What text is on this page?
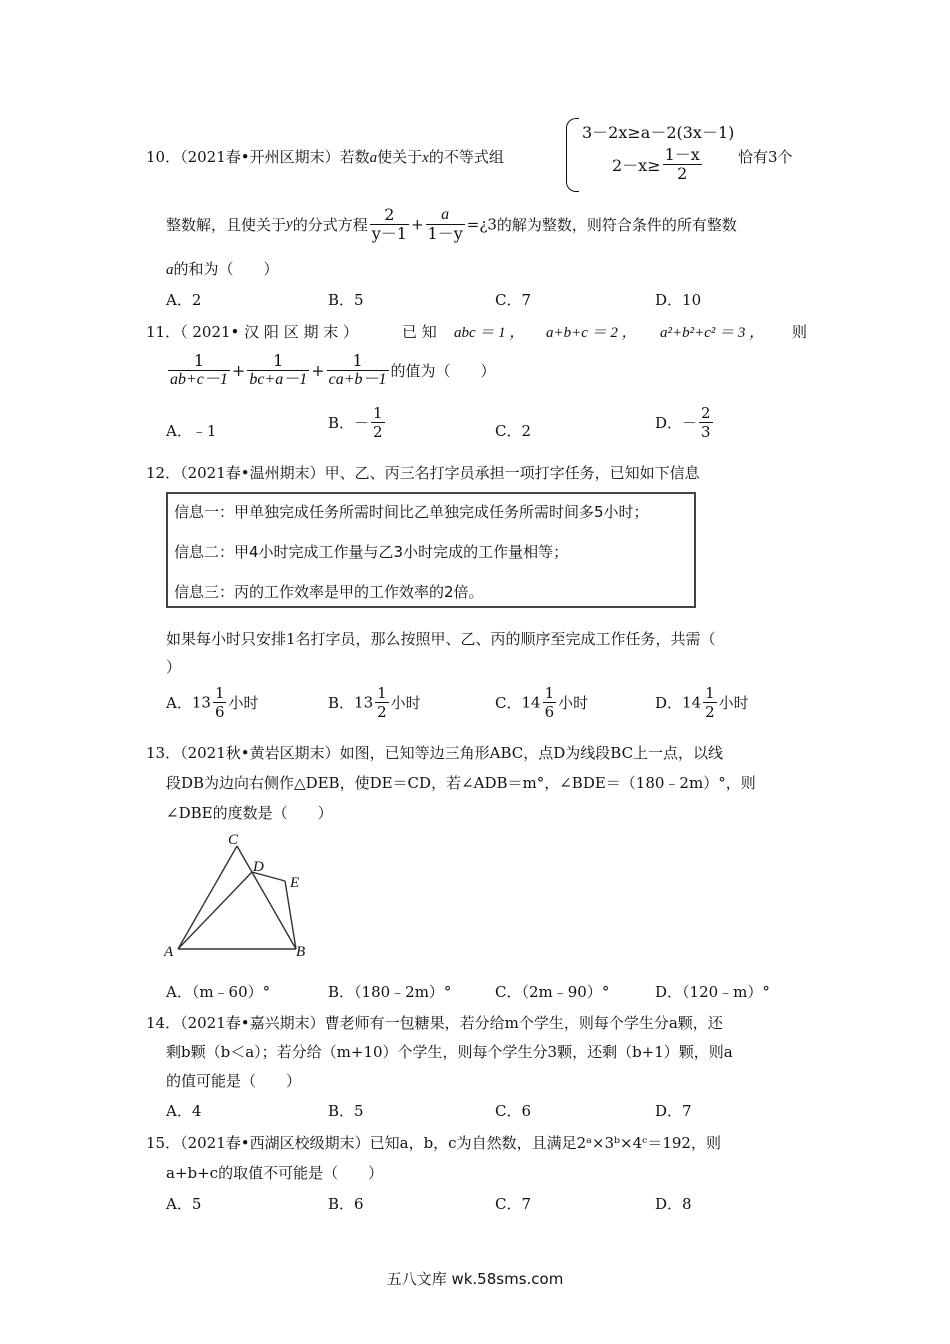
10．（2021春•开州区期末）若数a使关于x的不等式组
3－2x≥a－2(3x－1)
$2-x\ge \frac{1-x}{2}$ 恰有3个
整数解，且使关于y的分式方程 $\frac{2}{y-1} + \frac{a}{1-y}$ =¿3的解为整数，则符合条件的所有整数
a的和为（　　）
A．2	B．5	C．7	D．10
11．（ 2021• 汉 阳 区 期 末 ）	已 知 abc ＝ 1 ， a+b+c ＝ 2 ， a²+b²+c² ＝ 3 ， 则
$\frac{1}{ab+c-1} + \frac{1}{bc+a-1} + \frac{1}{ca+b-1}$ 的值为（　　）
A．﹣1	B．－ $\frac{1}{2}$	C．2	D．－ $\frac{2}{3}$
12．（2021春•温州期末）甲、乙、丙三名打字员承担一项打字任务，已知如下信息
信息一：甲单独完成任务所需时间比乙单独完成任务所需时间多5小时；
信息二：甲4小时完成工作量与乙3小时完成的工作量相等；
信息三：丙的工作效率是甲的工作效率的2倍。
如果每小时只安排1名打字员，那么按照甲、乙、丙的顺序至完成工作任务，共需（
）
A．$13 \frac{1}{6}$ 小时	B．$13 \frac{1}{2}$ 小时	C．$14 \frac{1}{6}$ 小时	D．$14 \frac{1}{2}$ 小时
13．（2021秋•黄岩区期末）如图，已知等边三角形ABC，点D为线段BC上一点，以线
段DB为边向右侧作△DEB，使DE＝CD，若∠ADB＝m°，∠BDE＝（180﹣2m）°，则
∠DBE的度数是（　　）
C
D
E
A	B
A．（m﹣60）°	B．（180﹣2m）°	C．（2m﹣90）°	D．（120﹣m）°
14．（2021春•嘉兴期末）曹老师有一包糖果，若分给m个学生，则每个学生分a颗，还
剩b颗（b＜a）；若分给（m+10）个学生，则每个学生分3颗，还剩（b+1）颗，则a
的值可能是（　　）
A．4	B．5	C．6	D．7
15．（2021春•西湖区校级期末）已知a，b，c为自然数，且满足2ᵃ×3ᵇ×4ᶜ＝192，则
a+b+c的取值不可能是（　　）
A．5	B．6	C．7	D．8
五八文库 wk.58sms.com
